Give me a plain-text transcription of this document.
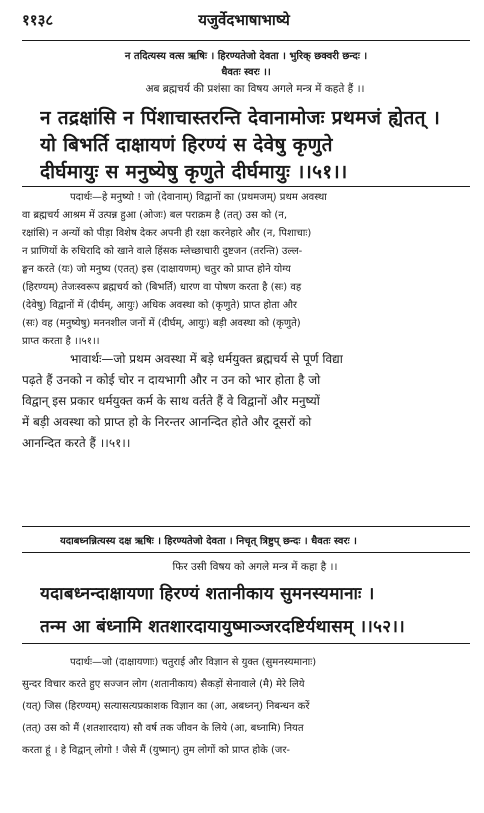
११३८	यजुर्वेदभाषाभाष्ये
न तदित्यस्य वत्स ऋषिः । हिरण्यतेजो देवता । भुरिक् छक्वरी छन्दः ।
धैवतः स्वरः ।।
अब ब्रह्मचर्य की प्रशंसा का विषय अगले मन्त्र में कहते हैं ।।
न तद्रक्षांसि न पिंशाचास्तरन्ति देवानामोजः प्रथमजं ह्येतत् ।
यो बिभर्ति दाक्षायणं हिरण्यं स देवेषु कृणुते
दीर्घमायुः स मनुष्येषु कृणुते दीर्घमायुः ।।५१।।
पदार्थः—हे मनुष्यो ! जो (देवानाम्) विद्वानों का (प्रथमजम्) प्रथम अवस्था
वा ब्रह्मचर्य आश्रम में उत्पन्न हुआ (ओजः) बल पराक्रम है (तत्) उस को (न,
रक्षांसि) न अन्यों को पीड़ा विशेष देकर अपनी ही रक्षा करनेहारे और (न, पिशाचाः)
न प्राणियों के रुधिरादि को खाने वाले हिंसक म्लेच्छाचारी दुष्टजन (तरन्ति) उल्ल-
ङ्घन करते (यः) जो मनुष्य (एतत्) इस (दाक्षायणम्) चतुर को प्राप्त होने योग्य
(हिरण्यम्) तेजःस्वरूप ब्रह्मचर्य को (बिभर्ति) धारण वा पोषण करता है (सः) वह
(देवेषु) विद्वानों में (दीर्घम्, आयुः) अधिक अवस्था को (कृणुते) प्राप्त होता और
(सः) वह (मनुष्येषु) मननशील जनों में (दीर्घम्, आयुः) बड़ी अवस्था को (कृणुते)
प्राप्त करता है ।।५१।।
भावार्थः—जो प्रथम अवस्था में बड़े धर्मयुक्त ब्रह्मचर्य से पूर्ण विद्या
पढ़ते हैं उनको न कोई चोर न दायभागी और न उन को भार होता है जो
विद्वान् इस प्रकार धर्मयुक्त कर्म के साथ वर्तते हैं वे विद्वानों और मनुष्यों
में बड़ी अवस्था को प्राप्त हो के निरन्तर आनन्दित होते और दूसरों को
आनन्दित करते हैं ।।५१।।
यदाबध्नन्नित्यस्य दक्ष ऋषिः । हिरण्यतेजो देवता । निचृत् त्रिष्टुप् छन्दः । धैवतः स्वरः ।
फिर उसी विषय को अगले मन्त्र में कहा है ।।
यदाबध्नन्दाक्षायणा हिरण्यं शतानीकाय सुमनस्यमानाः ।
तन्म आ बंध्नामि शतशारदायायुष्माञ्जरदष्टिर्यथासम् ।।५२।।
पदार्थः—जो (दाक्षायणाः) चतुराई और विज्ञान से युक्त (सुमनस्यमानाः)
सुन्दर विचार करते हुए सज्जन लोग (शतानीकाय) सैकड़ों सेनावाले (मै) मेरे लिये
(यत्) जिस (हिरण्यम्) सत्यासत्यप्रकाशक विज्ञान का (आ, अबध्नन्) निबन्धन करें
(तत्) उस को मैं (शतशारदाय) सौ वर्ष तक जीवन के लिये (आ, बध्नामि) नियत
करता हूं । हे विद्वान् लोगो ! जैसे मैं (युष्मान्) तुम लोगों को प्राप्त होके (जर-
